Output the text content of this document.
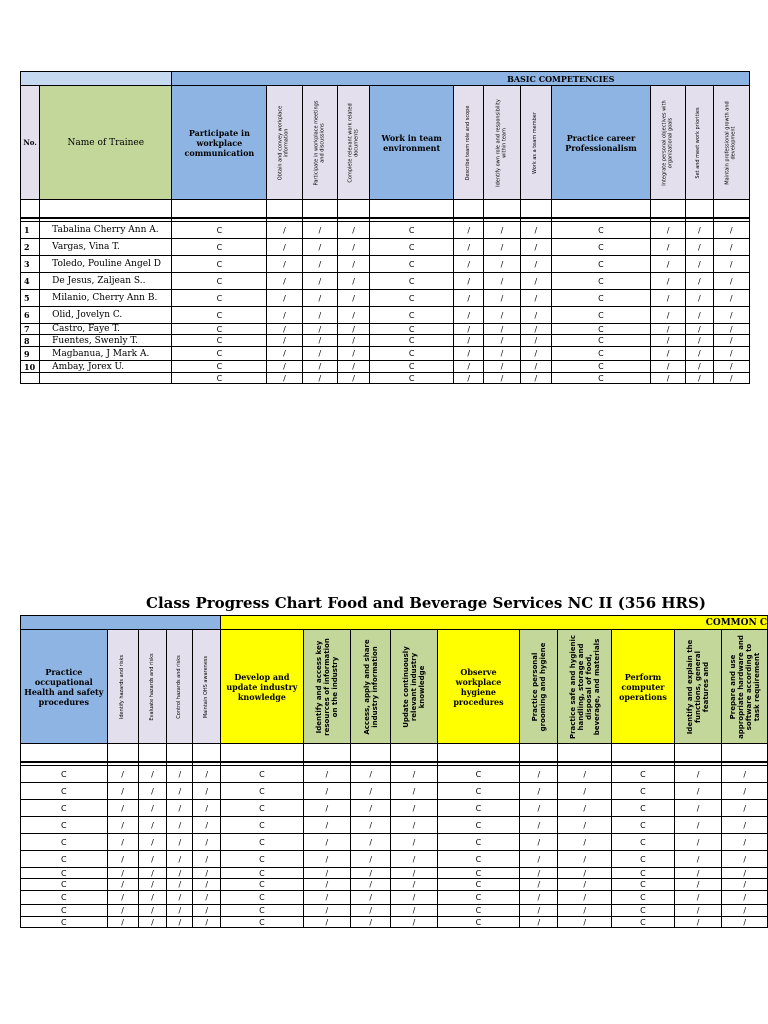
Class Progress Chart Food and Beverage Services NC II (356 HRS)
		BASIC COMPETENCIES											
No.	Name of Trainee	Participate in workplace communication	Obtain and convey workplace information	Participate in workplace meetings and discussions	Complete relevant work related documents	Work in team environment	Describe team role and scope	Identify own role and responsibility within team	Work as a team member	Practice career Professionalism	Integrate personal objectives with organizational goals	Set and meet work priorities	Maintain professional growth and development

1	Tabalina Cherry Ann A.	C	/	/	/	C	/	/	/	C	/	/	/
2	Vargas, Vina T.	C	/	/	/	C	/	/	/	C	/	/	/
3	Toledo, Pouline Angel D	C	/	/	/	C	/	/	/	C	/	/	/
4	De Jesus, Zaljean S..	C	/	/	/	C	/	/	/	C	/	/	/
5	Milanio, Cherry Ann B.	C	/	/	/	C	/	/	/	C	/	/	/
6	Olid, Jovelyn C.	C	/	/	/	C	/	/	/	C	/	/	/
7	Castro, Faye T.	C	/	/	/	C	/	/	/	C	/	/	/
8	Fuentes, Swenly T.	C	/	/	/	C	/	/	/	C	/	/	/
9	Magbanua, J Mark A.	C	/	/	/	C	/	/	/	C	/	/	/
10	Ambay, Jorex U.	C	/	/	/	C	/	/	/	C	/	/	/
		C	/	/	/	C	/	/	/	C	/	/	/
					COMMON C									
Practice occupational Health and safety procedures	Identify hazards and risks	Evaluate hazards and risks	Control hazards and risks	Maintain OHS awareness	Develop and update industry knowledge	Identify and access key resources of information on the industry	Access, apply and share industry information	Update continuously relevant industry knowledge	Observe workplace hygiene procedures	Practice personal grooming and hygiene	Practice safe and hygienic handling, storage and disposal of food, beverage, and materials	Perform computer operations	Identify and explain the functions, general features and	Prepare and use appropriate hardware and software according to task requirement

C	/	/	/	/	C	/	/	/	C	/	/	C	/	/
C	/	/	/	/	C	/	/	/	C	/	/	C	/	/
C	/	/	/	/	C	/	/	/	C	/	/	C	/	/
C	/	/	/	/	C	/	/	/	C	/	/	C	/	/
C	/	/	/	/	C	/	/	/	C	/	/	C	/	/
C	/	/	/	/	C	/	/	/	C	/	/	C	/	/
C	/	/	/	/	C	/	/	/	C	/	/	C	/	/
C	/	/	/	/	C	/	/	/	C	/	/	C	/	/
C	/	/	/	/	C	/	/	/	C	/	/	C	/	/
C	/	/	/	/	C	/	/	/	C	/	/	C	/	/
C	/	/	/	/	C	/	/	/	C	/	/	C	/	/
